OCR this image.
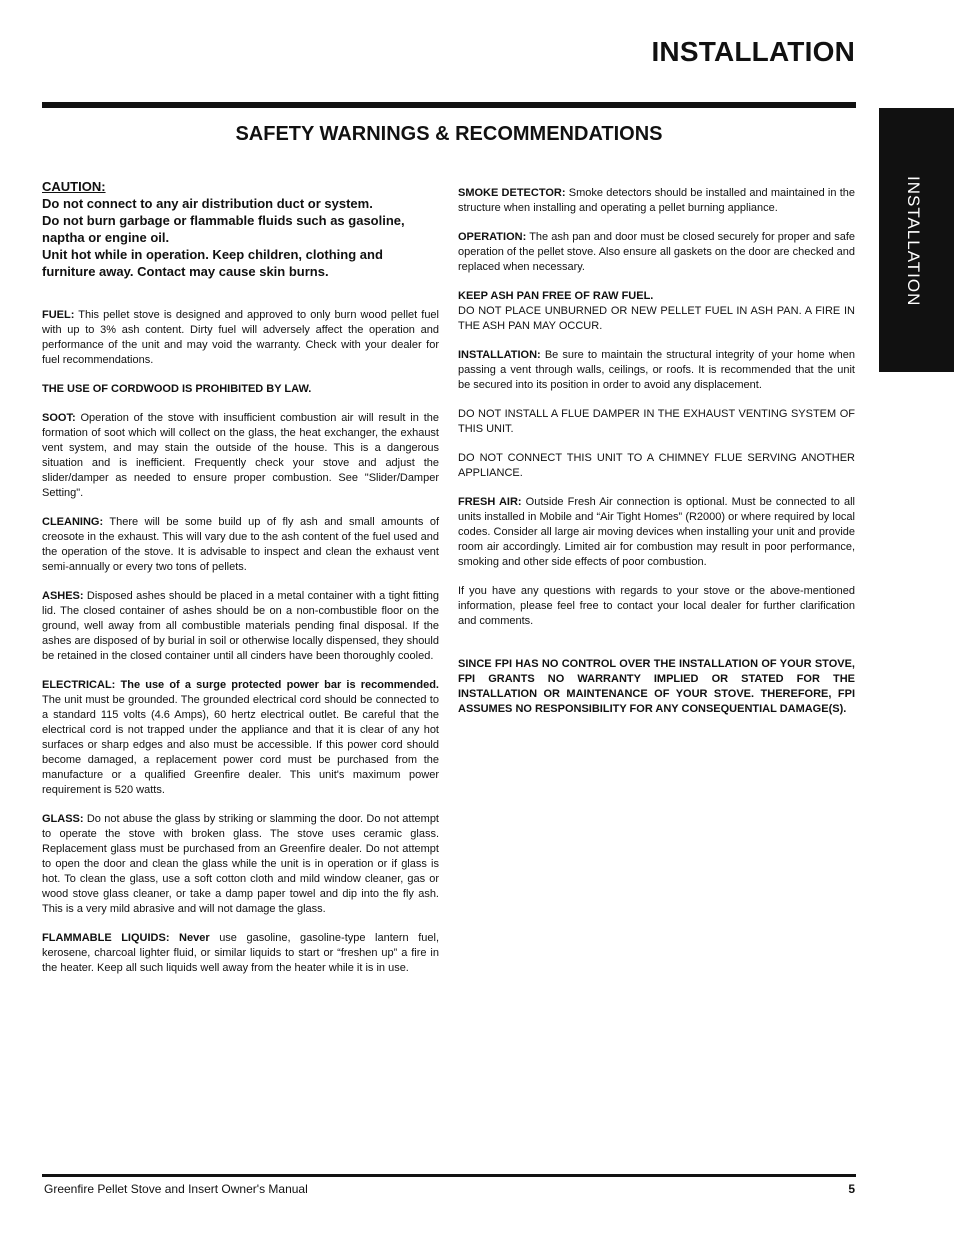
INSTALLATION
INSTALLATION
SAFETY WARNINGS & RECOMMENDATIONS
CAUTION:
Do not connect to any air distribution duct or system.
Do not burn garbage or flammable fluids such as gasoline, naptha or engine oil.
Unit hot while in operation. Keep children, clothing and furniture away. Contact may cause skin burns.

FUEL: This pellet stove is designed and approved to only burn wood pellet fuel with up to 3% ash content. Dirty fuel will adversely affect the operation and performance of the unit and may void the warranty. Check with your dealer for fuel recommendations.

THE USE OF CORDWOOD IS PROHIBITED BY LAW.

SOOT: Operation of the stove with insufficient combustion air will result in the formation of soot which will collect on the glass, the heat exchanger, the exhaust vent system, and may stain the outside of the house. This is a dangerous situation and is inefficient. Frequently check your stove and adjust the slider/damper as needed to ensure proper combustion. See "Slider/Damper Setting".

CLEANING: There will be some build up of fly ash and small amounts of creosote in the exhaust. This will vary due to the ash content of the fuel used and the operation of the stove. It is advisable to inspect and clean the exhaust vent semi-annually or every two tons of pellets.

ASHES: Disposed ashes should be placed in a metal container with a tight fitting lid. The closed container of ashes should be on a non-combustible floor on the ground, well away from all combustible materials pending final disposal. If the ashes are disposed of by burial in soil or otherwise locally dispensed, they should be retained in the closed container until all cinders have been thoroughly cooled.

ELECTRICAL: The use of a surge protected power bar is recommended. The unit must be grounded. The grounded electrical cord should be connected to a standard 115 volts (4.6 Amps), 60 hertz electrical outlet. Be careful that the electrical cord is not trapped under the appliance and that it is clear of any hot surfaces or sharp edges and also must be accessible. If this power cord should become damaged, a replacement power cord must be purchased from the manufacture or a qualified Greenfire dealer. This unit's maximum power requirement is 520 watts.

GLASS: Do not abuse the glass by striking or slamming the door. Do not attempt to operate the stove with broken glass. The stove uses ceramic glass. Replacement glass must be purchased from an Greenfire dealer. Do not attempt to open the door and clean the glass while the unit is in operation or if glass is hot. To clean the glass, use a soft cotton cloth and mild window cleaner, gas or wood stove glass cleaner, or take a damp paper towel and dip into the fly ash. This is a very mild abrasive and will not damage the glass.

FLAMMABLE LIQUIDS: Never use gasoline, gasoline-type lantern fuel, kerosene, charcoal lighter fluid, or similar liquids to start or “freshen up” a fire in the heater. Keep all such liquids well away from the heater while it is in use.

SMOKE DETECTOR: Smoke detectors should be installed and maintained in the structure when installing and operating a pellet burning appliance.

OPERATION: The ash pan and door must be closed securely for proper and safe operation of the pellet stove. Also ensure all gaskets on the door are checked and replaced when necessary.

KEEP ASH PAN FREE OF RAW FUEL.
DO NOT PLACE UNBURNED OR NEW PELLET FUEL IN ASH PAN. A FIRE IN THE ASH PAN MAY OCCUR.

INSTALLATION: Be sure to maintain the structural integrity of your home when passing a vent through walls, ceilings, or roofs. It is recommended that the unit be secured into its position in order to avoid any displacement.

DO NOT INSTALL A FLUE DAMPER IN THE EXHAUST VENTING SYSTEM OF THIS UNIT.

DO NOT CONNECT THIS UNIT TO A CHIMNEY FLUE SERVING ANOTHER APPLIANCE.

FRESH AIR: Outside Fresh Air connection is optional. Must be connected to all units installed in Mobile and “Air Tight Homes” (R2000) or where required by local codes. Consider all large air moving devices when installing your unit and provide room air accordingly. Limited air for combustion may result in poor performance, smoking and other side effects of poor combustion.

If you have any questions with regards to your stove or the above-mentioned information, please feel free to contact your local dealer for further clarification and comments.

SINCE FPI HAS NO CONTROL OVER THE INSTALLATION OF YOUR STOVE, FPI GRANTS NO WARRANTY IMPLIED OR STATED FOR THE INSTALLATION OR MAINTENANCE OF YOUR STOVE. THEREFORE, FPI ASSUMES NO RESPONSIBILITY FOR ANY CONSEQUENTIAL DAMAGE(S).

Greenfire Pellet Stove and Insert Owner's Manual	5
